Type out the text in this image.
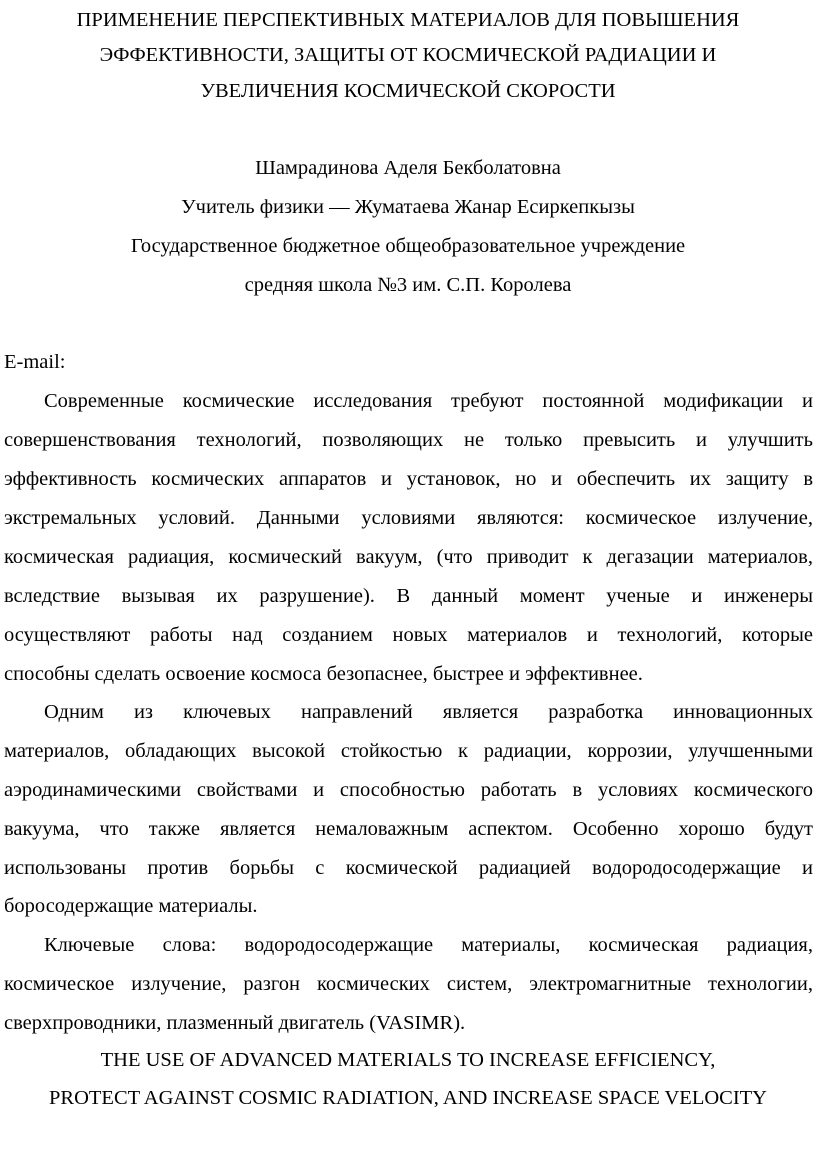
ПРИМЕНЕНИЕ ПЕРСПЕКТИВНЫХ МАТЕРИАЛОВ ДЛЯ ПОВЫШЕНИЯ
ЭФФЕКТИВНОСТИ, ЗАЩИТЫ ОТ КОСМИЧЕСКОЙ РАДИАЦИИ И
УВЕЛИЧЕНИЯ КОСМИЧЕСКОЙ СКОРОСТИ
Шамрадинова Аделя Бекболатовна
Учитель физики — Жуматаева Жанар Есиркепкызы
Государственное бюджетное общеобразовательное учреждение
средняя школа №3 им. С.П. Королева
E-mail:
Современные космические исследования требуют постоянной модификации и
совершенствования технологий, позволяющих не только превысить и улучшить
эффективность космических аппаратов и установок, но и обеспечить их защиту в
экстремальных условий. Данными условиями являются: космическое излучение,
космическая радиация, космический вакуум, (что приводит к дегазации материалов,
вследствие вызывая их разрушение). В данный момент ученые и инженеры
осуществляют работы над созданием новых материалов и технологий, которые
способны сделать освоение космоса безопаснее, быстрее и эффективнее.
Одним из ключевых направлений является разработка инновационных
материалов, обладающих высокой стойкостью к радиации, коррозии, улучшенными
аэродинамическими свойствами и способностью работать в условиях космического
вакуума, что также является немаловажным аспектом. Особенно хорошо будут
использованы против борьбы с космической радиацией водородосодержащие и
боросодержащие материалы.
Ключевые слова: водородосодержащие материалы, космическая радиация,
космическое излучение, разгон космических систем, электромагнитные технологии,
сверхпроводники, плазменный двигатель (VASIMR).
THE USE OF ADVANCED MATERIALS TO INCREASE EFFICIENCY,
PROTECT AGAINST COSMIC RADIATION, AND INCREASE SPACE VELOCITY
